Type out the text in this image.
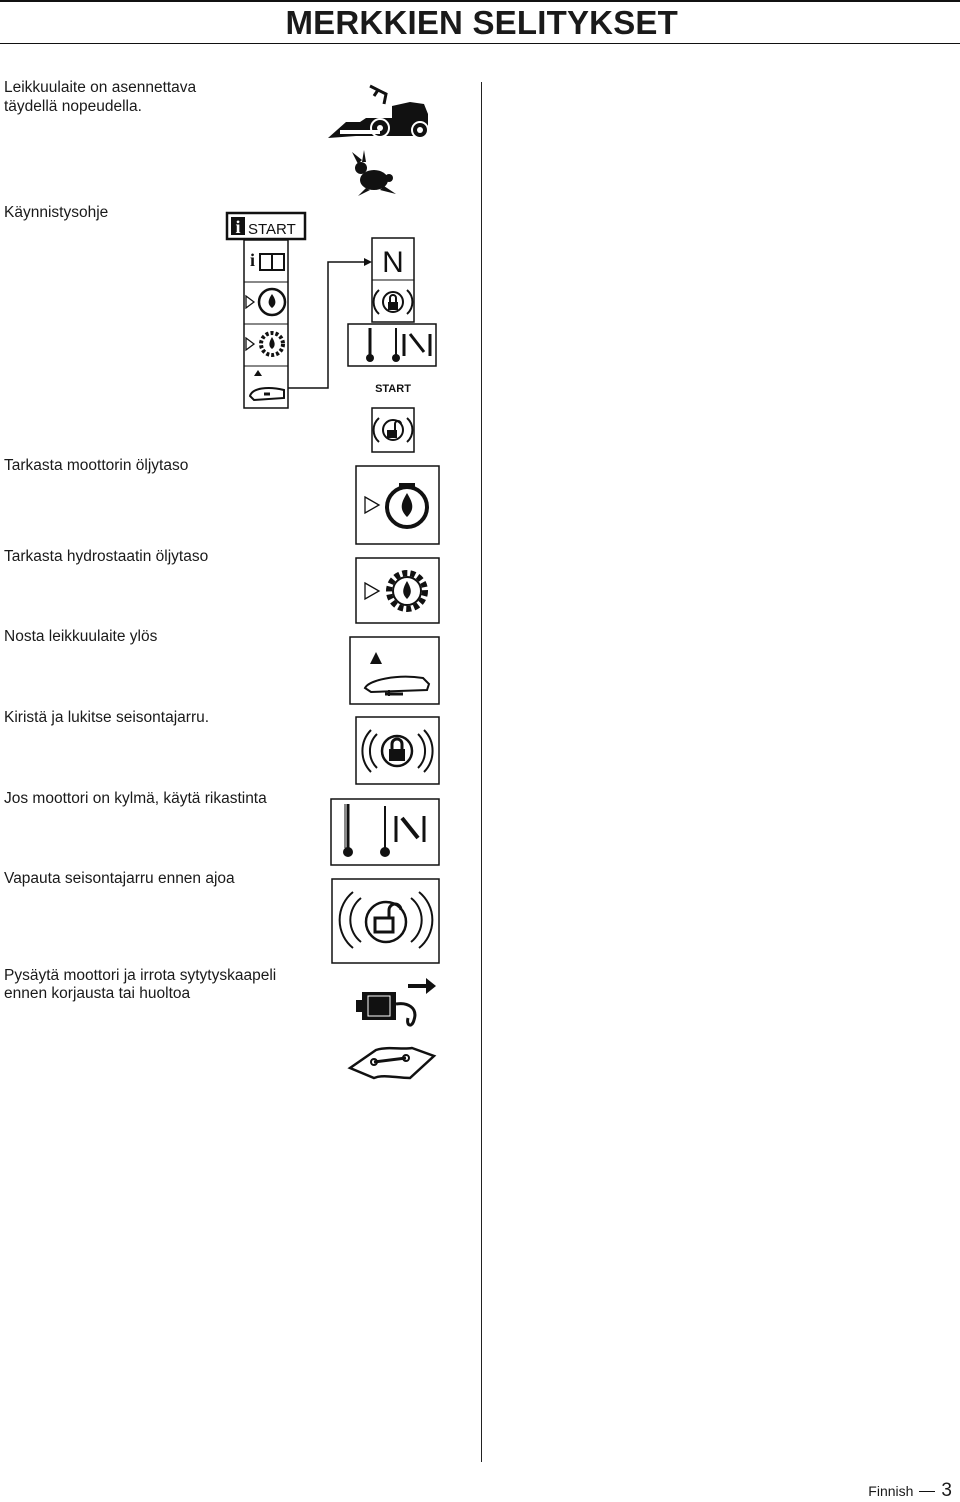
MERKKIEN SELITYKSET
Leikkuulaite on asennettava
täydellä nopeudella.
Käynnistysohje
Tarkasta moottorin öljytaso
Tarkasta hydrostaatin öljytaso
Nosta leikkuulaite ylös
Kiristä ja lukitse seisontajarru.
Jos moottori on kylmä, käytä rikastinta
Vapauta seisontajarru ennen ajoa
Pysäytä moottori ja irrota sytytyskaapeli
ennen korjausta tai huoltoa
i START
i	N
START
Finnish 3
